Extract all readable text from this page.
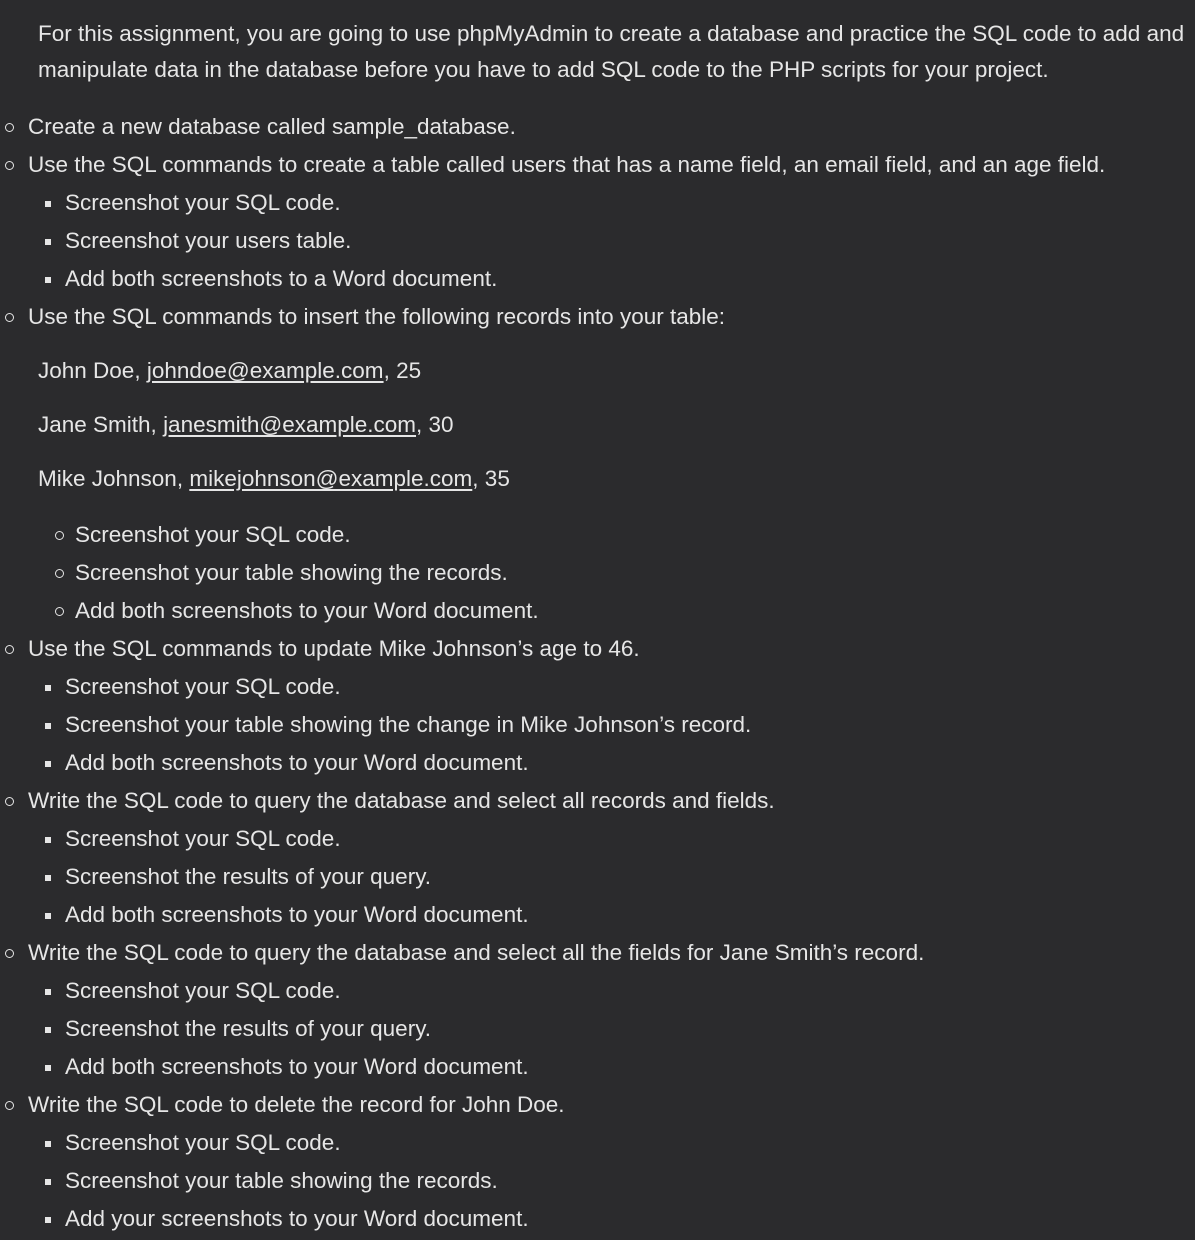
For this assignment, you are going to use phpMyAdmin to create a database and practice the SQL code to add and manipulate data in the database before you have to add SQL code to the PHP scripts for your project.

Create a new database called sample_database.
Use the SQL commands to create a table called users that has a name field, an email field, and an age field.
Screenshot your SQL code.
Screenshot your users table.
Add both screenshots to a Word document.
Use the SQL commands to insert the following records into your table:
John Doe, johndoe@example.com, 25
Jane Smith, janesmith@example.com, 30
Mike Johnson, mikejohnson@example.com, 35
Screenshot your SQL code.
Screenshot your table showing the records.
Add both screenshots to your Word document.
Use the SQL commands to update Mike Johnson’s age to 46.
Screenshot your SQL code.
Screenshot your table showing the change in Mike Johnson’s record.
Add both screenshots to your Word document.
Write the SQL code to query the database and select all records and fields.
Screenshot your SQL code.
Screenshot the results of your query.
Add both screenshots to your Word document.
Write the SQL code to query the database and select all the fields for Jane Smith’s record.
Screenshot your SQL code.
Screenshot the results of your query.
Add both screenshots to your Word document.
Write the SQL code to delete the record for John Doe.
Screenshot your SQL code.
Screenshot your table showing the records.
Add your screenshots to your Word document.
